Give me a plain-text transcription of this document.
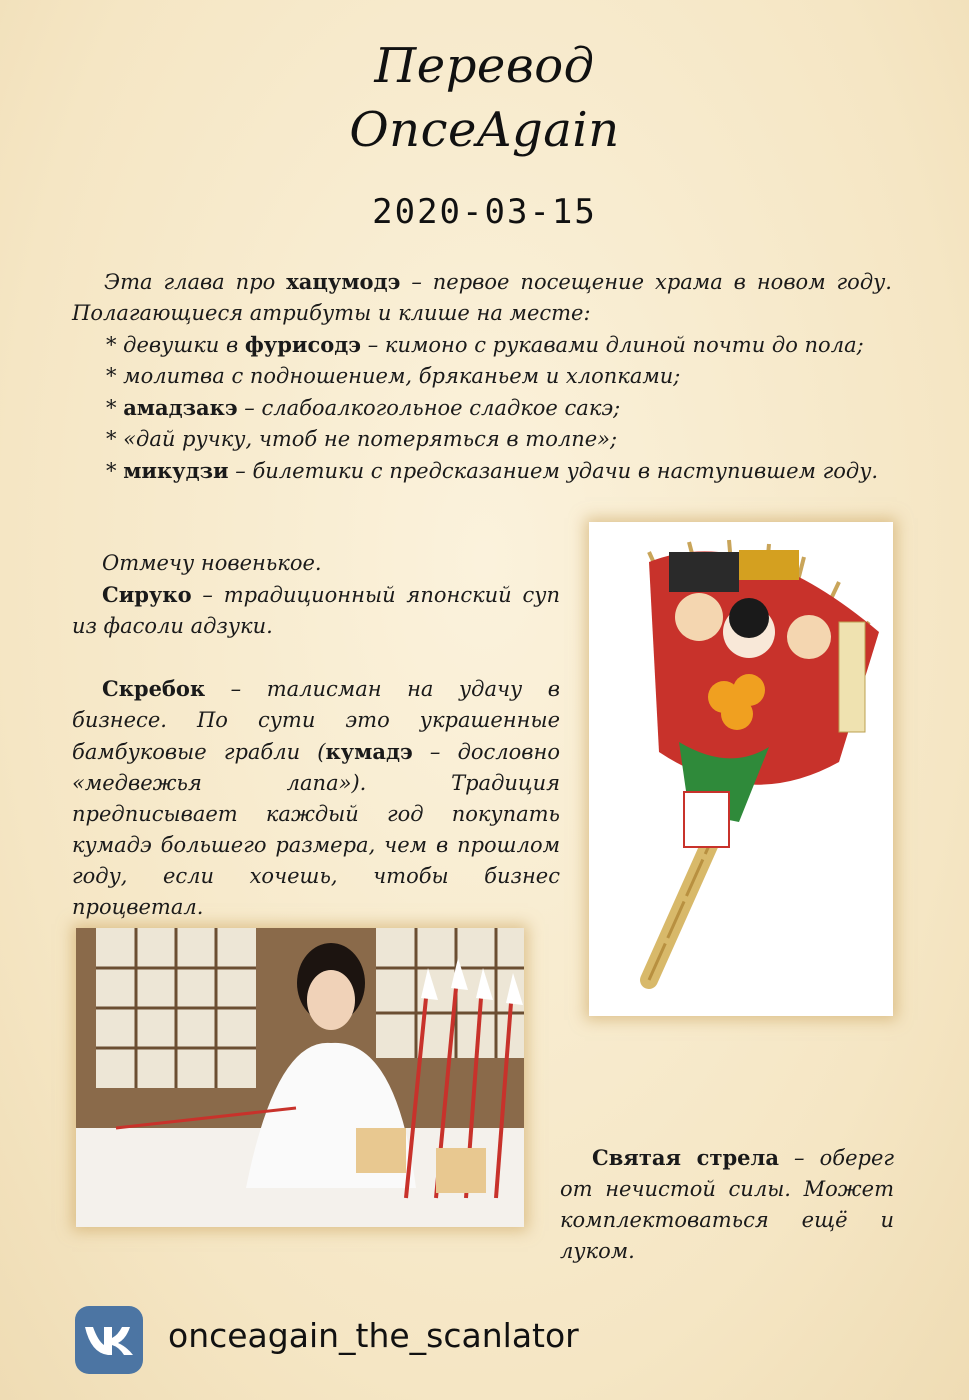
Перевод
OnceAgain
2020-03-15

Эта глава про хацумодэ – первое посещение храма в новом году. Полагающиеся атрибуты и клише на месте:

* девушки в фурисодэ – кимоно с рукавами длиной почти до пола;

* молитва с подношением, бряканьем и хлопками;

* амадзакэ – слабоалкогольное сладкое сакэ;

* «дай ручку, чтоб не потеряться в толпе»;

* микудзи – билетики с предсказанием удачи в наступившем году.

Отмечу новенькое.

Сируко – традиционный японский суп из фасоли адзуки.

Скребок – талисман на удачу в бизнесе. По сути это украшенные бамбуковые грабли (кумадэ – дословно «медвежья лапа»). Традиция предписывает каждый год покупать кумадэ большего размера, чем в прошлом году, если хочешь, чтобы бизнес процветал.

Святая стрела – оберег от нечистой силы. Может комплектоваться ещё и луком.

onceagain_the_scanlator
